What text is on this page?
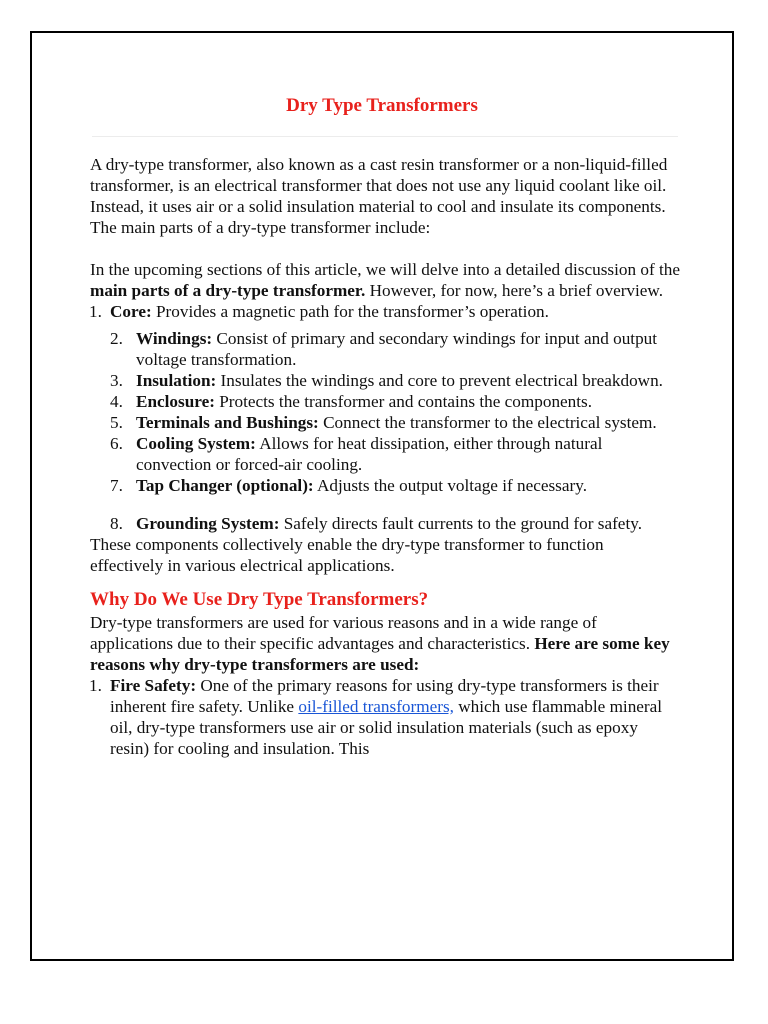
Dry Type Transformers

A dry-type transformer, also known as a cast resin transformer or a non-liquid-filled transformer, is an electrical transformer that does not use any liquid coolant like oil.

Instead, it uses air or a solid insulation material to cool and insulate its components. The main parts of a dry-type transformer include:

In the upcoming sections of this article, we will delve into a detailed discussion of the main parts of a dry-type transformer. However, for now, here’s a brief overview.

1. Core: Provides a magnetic path for the transformer’s operation.
2. Windings: Consist of primary and secondary windings for input and output voltage transformation.
3. Insulation: Insulates the windings and core to prevent electrical breakdown.
4. Enclosure: Protects the transformer and contains the components.
5. Terminals and Bushings: Connect the transformer to the electrical system.
6. Cooling System: Allows for heat dissipation, either through natural convection or forced-air cooling.
7. Tap Changer (optional): Adjusts the output voltage if necessary.
8. Grounding System: Safely directs fault currents to the ground for safety.

These components collectively enable the dry-type transformer to function effectively in various electrical applications.

Why Do We Use Dry Type Transformers?

Dry-type transformers are used for various reasons and in a wide range of applications due to their specific advantages and characteristics. Here are some key reasons why dry-type transformers are used:

1. Fire Safety: One of the primary reasons for using dry-type transformers is their inherent fire safety. Unlike oil-filled transformers, which use flammable mineral oil, dry-type transformers use air or solid insulation materials (such as epoxy resin) for cooling and insulation. This
